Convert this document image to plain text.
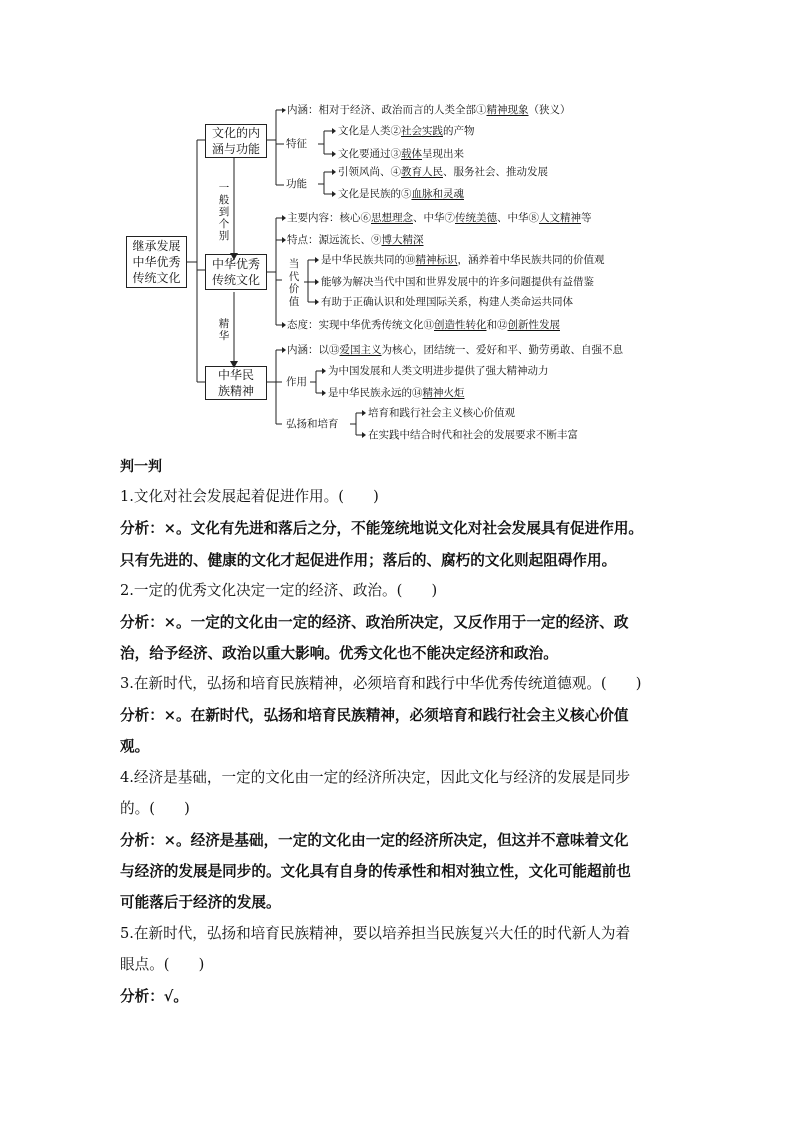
继承发展中华优秀传统文化
文化的内涵与功能
中华优秀传统文化
中华民族精神
一般到个别
精华
内涵：相对于经济、政治而言的人类全部①精神现象（狭义）
特征
文化是人类②社会实践的产物
文化要通过③载体呈现出来
功能
引领风尚、④教育人民、服务社会、推动发展
文化是民族的⑤血脉和灵魂
主要内容：核心⑥思想理念、中华⑦传统美德、中华⑧人文精神等
特点：源远流长、⑨博大精深
当代价值
是中华民族共同的⑩精神标识，涵养着中华民族共同的价值观
能够为解决当代中国和世界发展中的许多问题提供有益借鉴
有助于正确认识和处理国际关系，构建人类命运共同体
态度：实现中华优秀传统文化⑪创造性转化和⑫创新性发展
内涵：以⑬爱国主义为核心，团结统一、爱好和平、勤劳勇敢、自强不息
作用
为中国发展和人类文明进步提供了强大精神动力
是中华民族永远的⑭精神火炬
弘扬和培育
培育和践行社会主义核心价值观
在实践中结合时代和社会的发展要求不断丰富
判一判
1.文化对社会发展起着促进作用。(　　)
分析：×。文化有先进和落后之分，不能笼统地说文化对社会发展具有促进作用。
只有先进的、健康的文化才起促进作用；落后的、腐朽的文化则起阻碍作用。
2.一定的优秀文化决定一定的经济、政治。(　　)
分析：×。一定的文化由一定的经济、政治所决定，又反作用于一定的经济、政
治，给予经济、政治以重大影响。优秀文化也不能决定经济和政治。
3.在新时代，弘扬和培育民族精神，必须培育和践行中华优秀传统道德观。(　　)
分析：×。在新时代，弘扬和培育民族精神，必须培育和践行社会主义核心价值
观。
4.经济是基础，一定的文化由一定的经济所决定，因此文化与经济的发展是同步
的。(　　)
分析：×。经济是基础，一定的文化由一定的经济所决定，但这并不意味着文化
与经济的发展是同步的。文化具有自身的传承性和相对独立性，文化可能超前也
可能落后于经济的发展。
5.在新时代，弘扬和培育民族精神，要以培养担当民族复兴大任的时代新人为着
眼点。(　　)
分析：√。
